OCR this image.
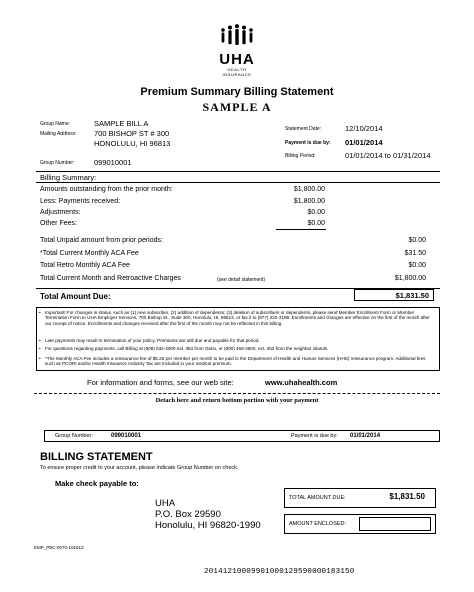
UHA
HEALTH INSURANCE
Premium Summary Billing Statement
SAMPLE A
Group Name:
Mailing Address:
SAMPLE BILL A
700 BISHOP ST # 300
HONOLULU, HI 96813
Group Number:	099010001
Statement Date:	12/10/2014
Payment is due by: 01/01/2014
Billing Period:	01/01/2014 to 01/31/2014
Billing Summary:
Amounts outstanding from the prior month:	$1,800.00
Less: Payments received:	$1,800.00
Adjustments:	$0.00
Other Fees:	$0.00
Total Unpaid amount from prior periods:	$0.00
*Total Current Monthly ACA Fee	$31.50
Total Retro Monthly ACA Fee	$0.00
Total Current Month and Retroactive Charges	(see detail statement)	$1,800.00
Total Amount Due:	$1,831.50
• Important! For changes in status, such as (1) new subscriber, (2) addition of dependents; (3) deletion of subscribers or dependents, please send Member Enrollment Form or Member Termination Form to UHA Employer Services, 700 Bishop St., Suite 300, Honolulu, HI, 96813, or fax it to (877) 222-3198. Enrollments and changes are effective on the first of the month after our receipt of notice. Enrollments and changes received after the first of the month may not be reflected in this billing.
• Late payments may result in termination of your policy. Premiums are still due and payable for that period.
• For questions regarding payments, call Billing at (808) 532-4000 ext. 353 from Oahu, or (800) 458-4600, ext. 353 from the neighbor islands.
• *The Monthly ACA Fee includes a reinsurance fee of $5.25 per member per month to be paid to the Department of Health and Human Services (HHS) reinsurance program. Additional fees such as PCORI and/or Health Insurance Industry Tax are included in your medical premium.
For information and forms, see our web site:	www.uhahealth.com
Detach here and return bottom portion with your payment
Group Number:	099010001	Payment is due by: 01/01/2014
BILLING STATEMENT
To ensure proper credit to your account, please indicate Group Number on check.
Make check payable to:
UHA
P.O. Box 29590
Honolulu, HI 96820-1990
TOTAL AMOUNT DUE:	$1,831.50
AMOUNT ENCLOSED:
EMP_PBC-0070-101613
20141210009901000129590000183150
